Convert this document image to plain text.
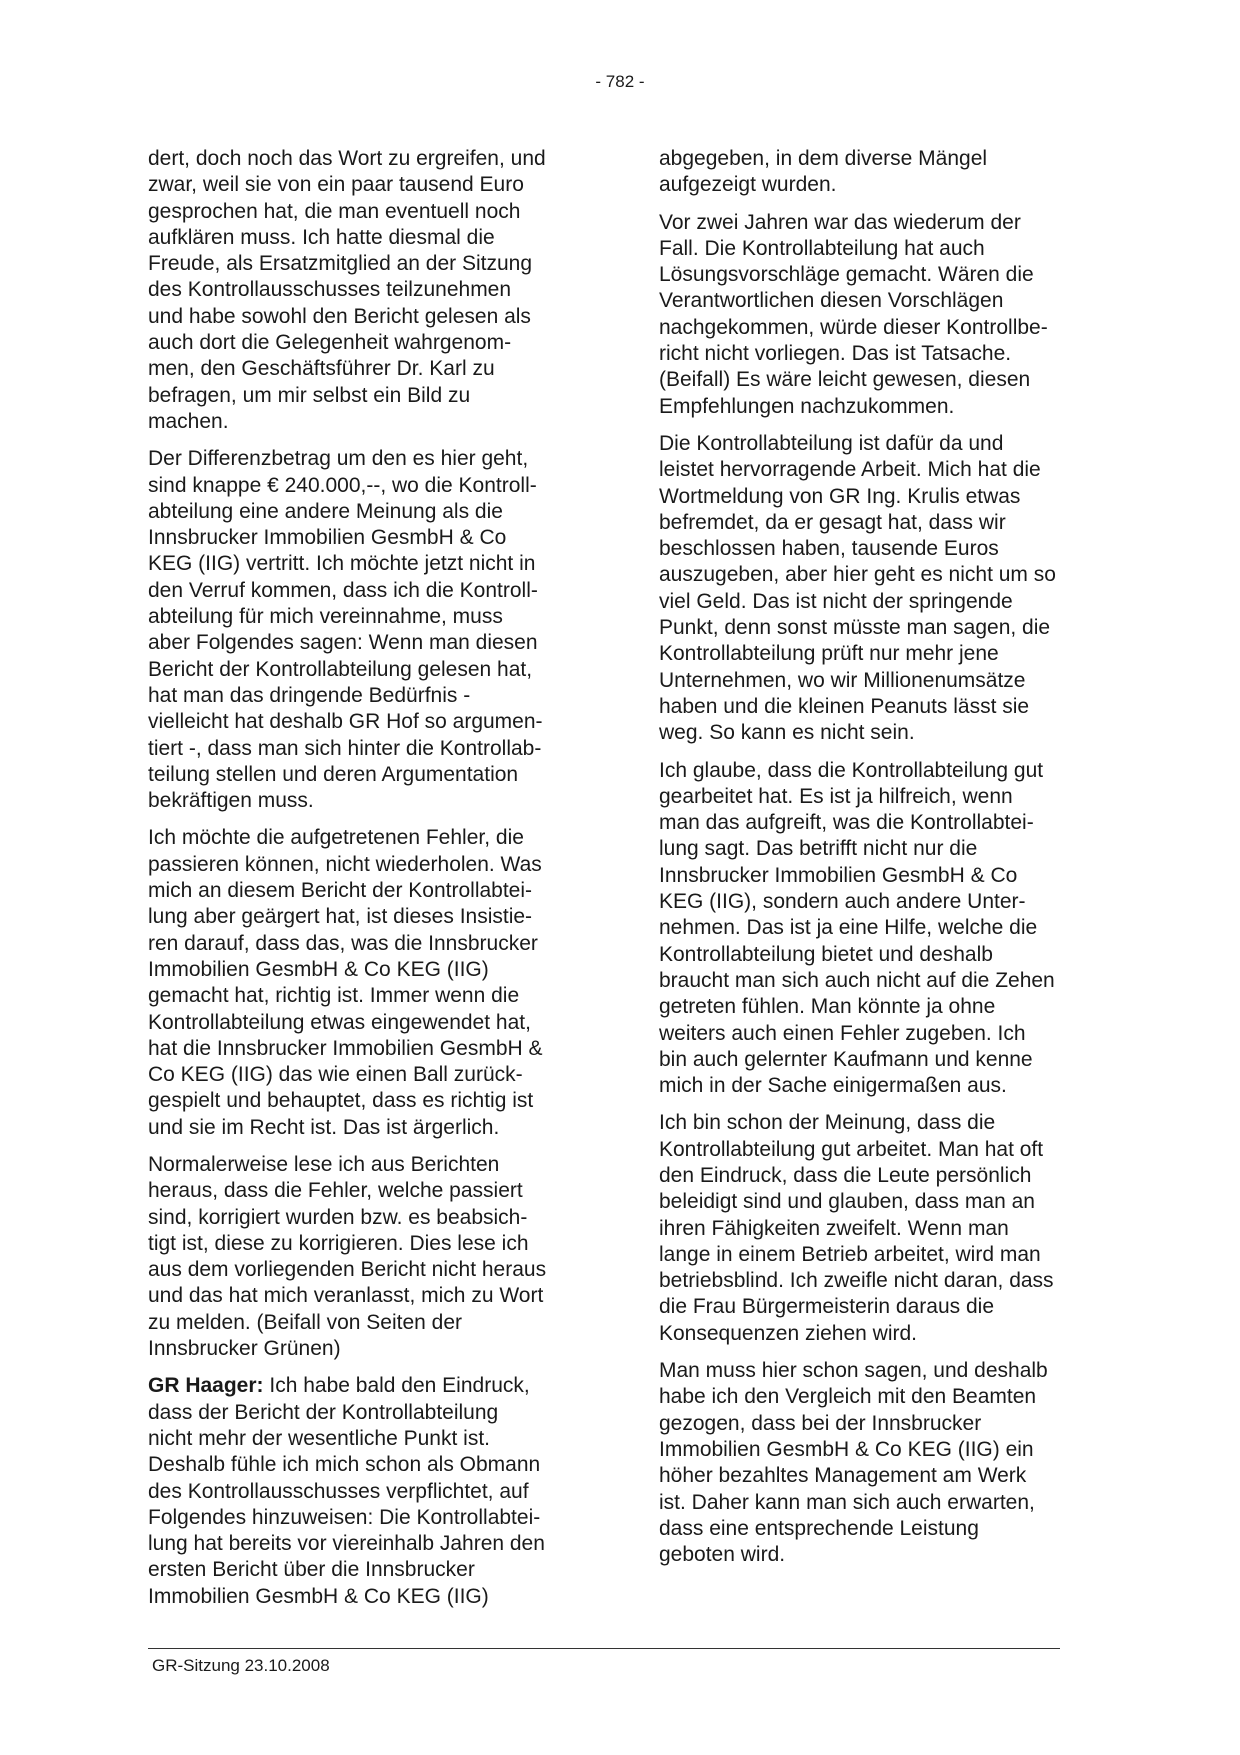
- 782 -

dert, doch noch das Wort zu ergreifen, und
zwar, weil sie von ein paar tausend Euro
gesprochen hat, die man eventuell noch
aufklären muss. Ich hatte diesmal die
Freude, als Ersatzmitglied an der Sitzung
des Kontrollausschusses teilzunehmen
und habe sowohl den Bericht gelesen als
auch dort die Gelegenheit wahrgenom-
men, den Geschäftsführer Dr. Karl zu
befragen, um mir selbst ein Bild zu
machen.

Der Differenzbetrag um den es hier geht,
sind knappe € 240.000,--, wo die Kontroll-
abteilung eine andere Meinung als die
Innsbrucker Immobilien GesmbH & Co
KEG (IIG) vertritt. Ich möchte jetzt nicht in
den Verruf kommen, dass ich die Kontroll-
abteilung für mich vereinnahme, muss
aber Folgendes sagen: Wenn man diesen
Bericht der Kontrollabteilung gelesen hat,
hat man das dringende Bedürfnis -
vielleicht hat deshalb GR Hof so argumen-
tiert -, dass man sich hinter die Kontrollab-
teilung stellen und deren Argumentation
bekräftigen muss.

Ich möchte die aufgetretenen Fehler, die
passieren können, nicht wiederholen. Was
mich an diesem Bericht der Kontrollabtei-
lung aber geärgert hat, ist dieses Insistie-
ren darauf, dass das, was die Innsbrucker
Immobilien GesmbH & Co KEG (IIG)
gemacht hat, richtig ist. Immer wenn die
Kontrollabteilung etwas eingewendet hat,
hat die Innsbrucker Immobilien GesmbH &
Co KEG (IIG) das wie einen Ball zurück-
gespielt und behauptet, dass es richtig ist
und sie im Recht ist. Das ist ärgerlich.

Normalerweise lese ich aus Berichten
heraus, dass die Fehler, welche passiert
sind, korrigiert wurden bzw. es beabsich-
tigt ist, diese zu korrigieren. Dies lese ich
aus dem vorliegenden Bericht nicht heraus
und das hat mich veranlasst, mich zu Wort
zu melden. (Beifall von Seiten der
Innsbrucker Grünen)

GR Haager: Ich habe bald den Eindruck,
dass der Bericht der Kontrollabteilung
nicht mehr der wesentliche Punkt ist.
Deshalb fühle ich mich schon als Obmann
des Kontrollausschusses verpflichtet, auf
Folgendes hinzuweisen: Die Kontrollabtei-
lung hat bereits vor viereinhalb Jahren den
ersten Bericht über die Innsbrucker
Immobilien GesmbH & Co KEG (IIG)

abgegeben, in dem diverse Mängel
aufgezeigt wurden.

Vor zwei Jahren war das wiederum der
Fall. Die Kontrollabteilung hat auch
Lösungsvorschläge gemacht. Wären die
Verantwortlichen diesen Vorschlägen
nachgekommen, würde dieser Kontrollbe-
richt nicht vorliegen. Das ist Tatsache.
(Beifall) Es wäre leicht gewesen, diesen
Empfehlungen nachzukommen.

Die Kontrollabteilung ist dafür da und
leistet hervorragende Arbeit. Mich hat die
Wortmeldung von GR Ing. Krulis etwas
befremdet, da er gesagt hat, dass wir
beschlossen haben, tausende Euros
auszugeben, aber hier geht es nicht um so
viel Geld. Das ist nicht der springende
Punkt, denn sonst müsste man sagen, die
Kontrollabteilung prüft nur mehr jene
Unternehmen, wo wir Millionenumsätze
haben und die kleinen Peanuts lässt sie
weg. So kann es nicht sein.

Ich glaube, dass die Kontrollabteilung gut
gearbeitet hat. Es ist ja hilfreich, wenn
man das aufgreift, was die Kontrollabtei-
lung sagt. Das betrifft nicht nur die
Innsbrucker Immobilien GesmbH & Co
KEG (IIG), sondern auch andere Unter-
nehmen. Das ist ja eine Hilfe, welche die
Kontrollabteilung bietet und deshalb
braucht man sich auch nicht auf die Zehen
getreten fühlen. Man könnte ja ohne
weiters auch einen Fehler zugeben. Ich
bin auch gelernter Kaufmann und kenne
mich in der Sache einigermaßen aus.

Ich bin schon der Meinung, dass die
Kontrollabteilung gut arbeitet. Man hat oft
den Eindruck, dass die Leute persönlich
beleidigt sind und glauben, dass man an
ihren Fähigkeiten zweifelt. Wenn man
lange in einem Betrieb arbeitet, wird man
betriebsblind. Ich zweifle nicht daran, dass
die Frau Bürgermeisterin daraus die
Konsequenzen ziehen wird.

Man muss hier schon sagen, und deshalb
habe ich den Vergleich mit den Beamten
gezogen, dass bei der Innsbrucker
Immobilien GesmbH & Co KEG (IIG) ein
höher bezahltes Management am Werk
ist. Daher kann man sich auch erwarten,
dass eine entsprechende Leistung
geboten wird.

GR-Sitzung 23.10.2008
